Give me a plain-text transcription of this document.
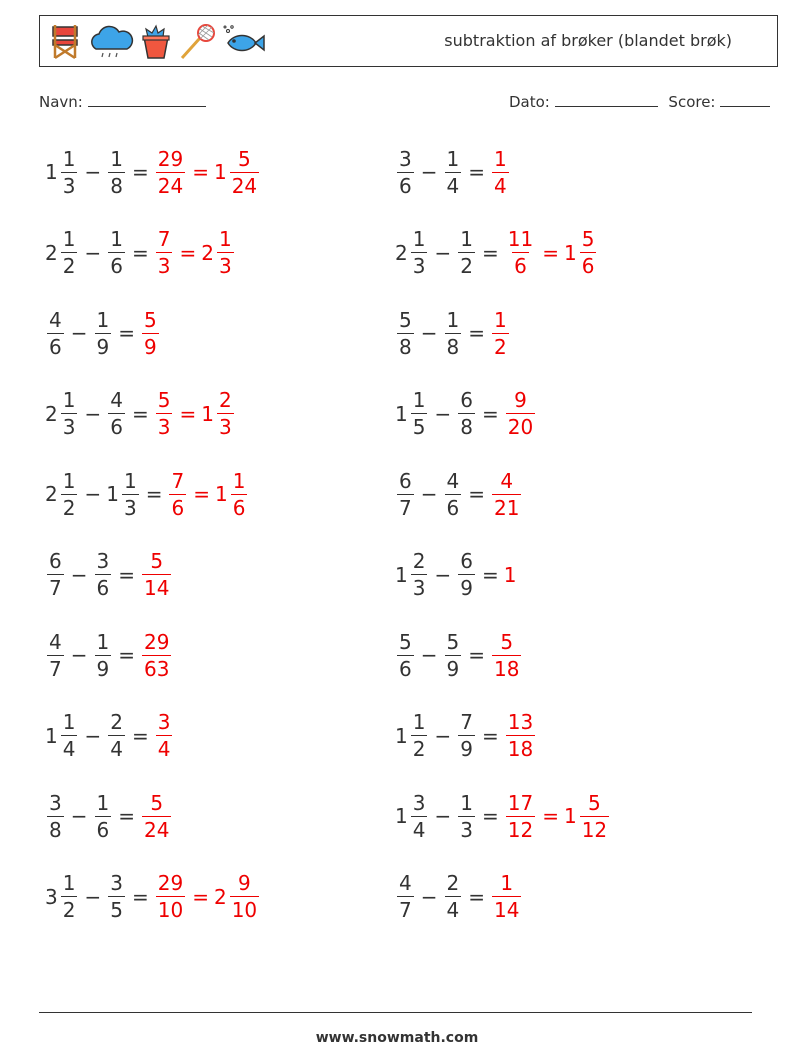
subtraktion af brøker (blandet brøk)
Navn:	Dato:	Score:
$1 \frac{1}{3} - \frac{1}{8} = \frac{29}{24} = 1 \frac{5}{24}$	$\frac{3}{6} - \frac{1}{4} = \frac{1}{4}$
$2 \frac{1}{2} - \frac{1}{6} = \frac{7}{3} = 2 \frac{1}{3}$	$2 \frac{1}{3} - \frac{1}{2} = \frac{11}{6} = 1 \frac{5}{6}$
$\frac{4}{6} - \frac{1}{9} = \frac{5}{9}$	$\frac{5}{8} - \frac{1}{8} = \frac{1}{2}$
$2 \frac{1}{3} - \frac{4}{6} = \frac{5}{3} = 1 \frac{2}{3}$	$1 \frac{1}{5} - \frac{6}{8} = \frac{9}{20}$
$2 \frac{1}{2} - 1 \frac{1}{3} = \frac{7}{6} = 1 \frac{1}{6}$	$\frac{6}{7} - \frac{4}{6} = \frac{4}{21}$
$\frac{6}{7} - \frac{3}{6} = \frac{5}{14}$	$1 \frac{2}{3} - \frac{6}{9} = 1$
$\frac{4}{7} - \frac{1}{9} = \frac{29}{63}$	$\frac{5}{6} - \frac{5}{9} = \frac{5}{18}$
$1 \frac{1}{4} - \frac{2}{4} = \frac{3}{4}$	$1 \frac{1}{2} - \frac{7}{9} = \frac{13}{18}$
$\frac{3}{8} - \frac{1}{6} = \frac{5}{24}$	$1 \frac{3}{4} - \frac{1}{3} = \frac{17}{12} = 1 \frac{5}{12}$
$3 \frac{1}{2} - \frac{3}{5} = \frac{29}{10} = 2 \frac{9}{10}$	$\frac{4}{7} - \frac{2}{4} = \frac{1}{14}$
www.snowmath.com
